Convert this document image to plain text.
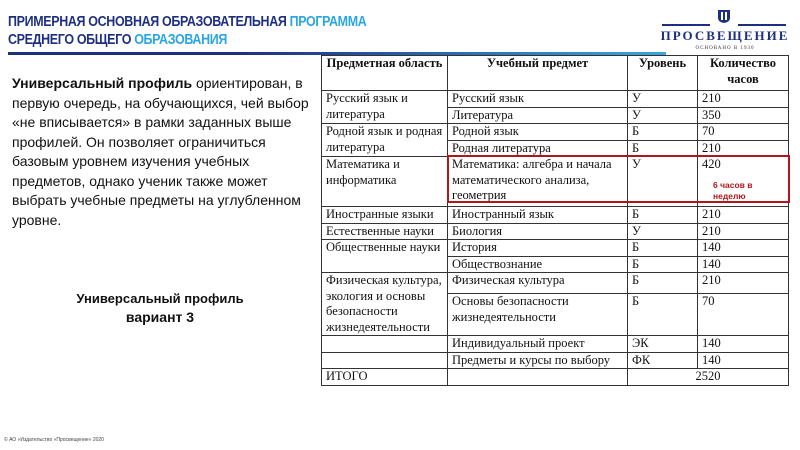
ПРИМЕРНАЯ ОСНОВНАЯ ОБРАЗОВАТЕЛЬНАЯ ПРОГРАММА
СРЕДНЕГО ОБЩЕГО ОБРАЗОВАНИЯ	ПРОСВЕЩЕНИЕ
ОСНОВАНО В 1930
Универсальный профиль ориентирован, в первую очередь, на обучающихся, чей выбор «не вписывается» в рамки заданных выше профилей. Он позволяет ограничиться базовым уровнем изучения учебных предметов, однако ученик также может выбрать учебные предметы на углубленном уровне.
Универсальный профиль
вариант 3
Предметная область	Учебный предмет	Уровень	Количество часов
Русский язык и литература	Русский язык	У	210
	Литература	У	350
Родной язык и родная литература	Родной язык	Б	70
	Родная литература	Б	210
Математика и информатика	Математика: алгебра и начала математического анализа, геометрия	У	420
Иностранные языки	Иностранный язык	Б	210
Естественные науки	Биология	У	210
Общественные науки	История	Б	140
	Обществознание	Б	140
Физическая культура, экология и основы безопасности жизнедеятельности	Физическая культура	Б	210
	Основы безопасности жизнедеятельности	Б	70
	Индивидуальный проект	ЭК	140
	Предметы и курсы по выбору	ФК	140
ИТОГО		2520	
6 часов в неделю
© АО «Издательство «Просвещение» 2020
